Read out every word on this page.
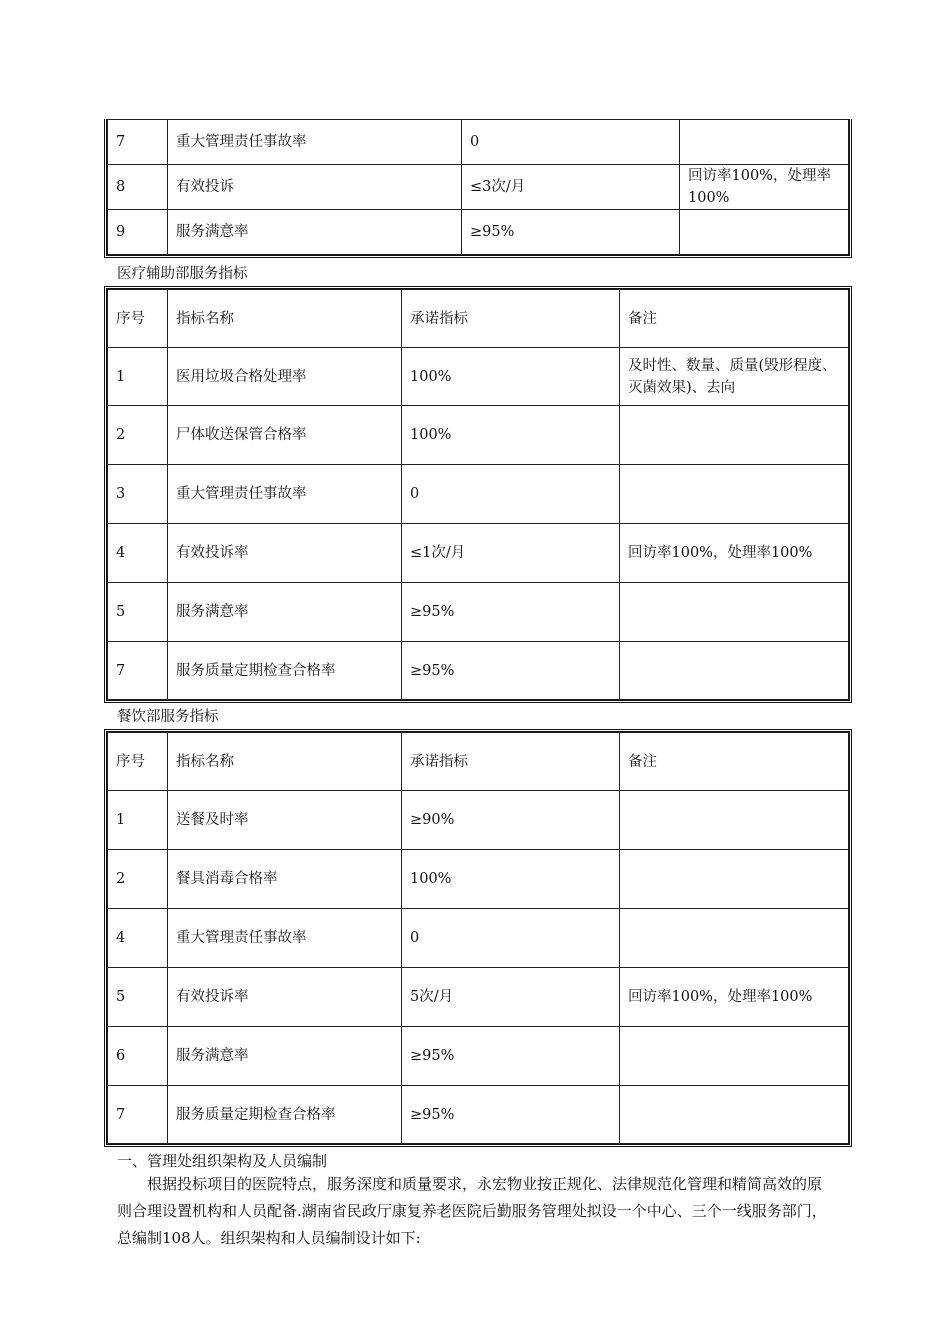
7	重大管理责任事故率	0	
8	有效投诉	≤3次/月	回访率100%，处理率100%
9	服务满意率	≥95%	
医疗辅助部服务指标
序号	指标名称	承诺指标	备注
1	医用垃圾合格处理率	100%	及时性、数量、质量(毁形程度、灭菌效果)、去向
2	尸体收送保管合格率	100%	
3	重大管理责任事故率	0	
4	有效投诉率	≤1次/月	回访率100%，处理率100%
5	服务满意率	≥95%	
7	服务质量定期检查合格率	≥95%	
餐饮部服务指标
序号	指标名称	承诺指标	备注
1	送餐及时率	≥90%	
2	餐具消毒合格率	100%	
4	重大管理责任事故率	0	
5	有效投诉率	5次/月	回访率100%，处理率100%
6	服务满意率	≥95%	
7	服务质量定期检查合格率	≥95%	
一、管理处组织架构及人员编制
根据投标项目的医院特点，服务深度和质量要求，永宏物业按正规化、法律规范化管理和精简高效的原则合理设置机构和人员配备.湖南省民政厅康复养老医院后勤服务管理处拟设一个中心、三个一线服务部门，总编制108人。组织架构和人员编制设计如下:
